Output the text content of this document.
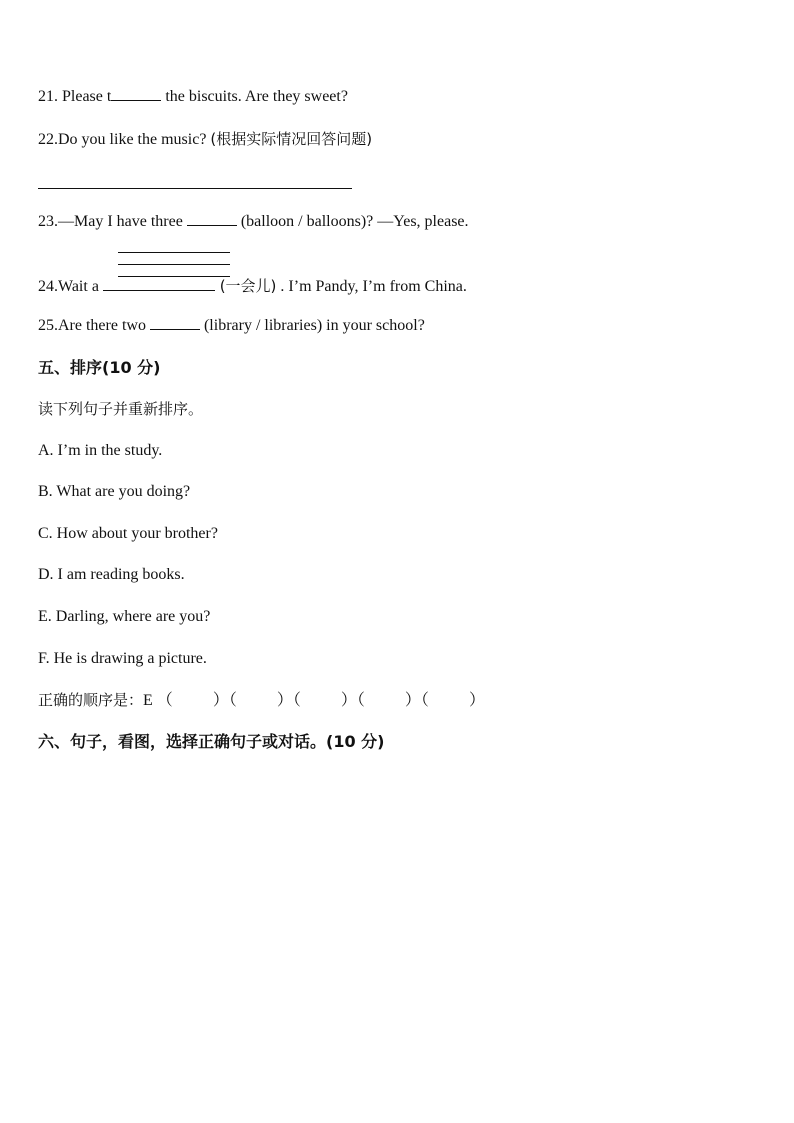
21. Please t	the biscuits. Are they sweet?
22.Do you like the music? (根据实际情况回答问题)
23.—May I have three	(balloon / balloons)? —Yes, please.
24.Wait a	(一会儿) . I’m Pandy, I’m from China.
25.Are there two	(library / libraries) in your school?
五、排序(10 分)
读下列句子并重新排序。
A. I’m in the study.
B. What are you doing?
C. How about your brother?
D. I am reading books.
E. Darling, where are you?
F. He is drawing a picture.
正确的顺序是：E （	）（	）（	）（	）（	）
六、句子，看图，选择正确句子或对话。(10 分)
